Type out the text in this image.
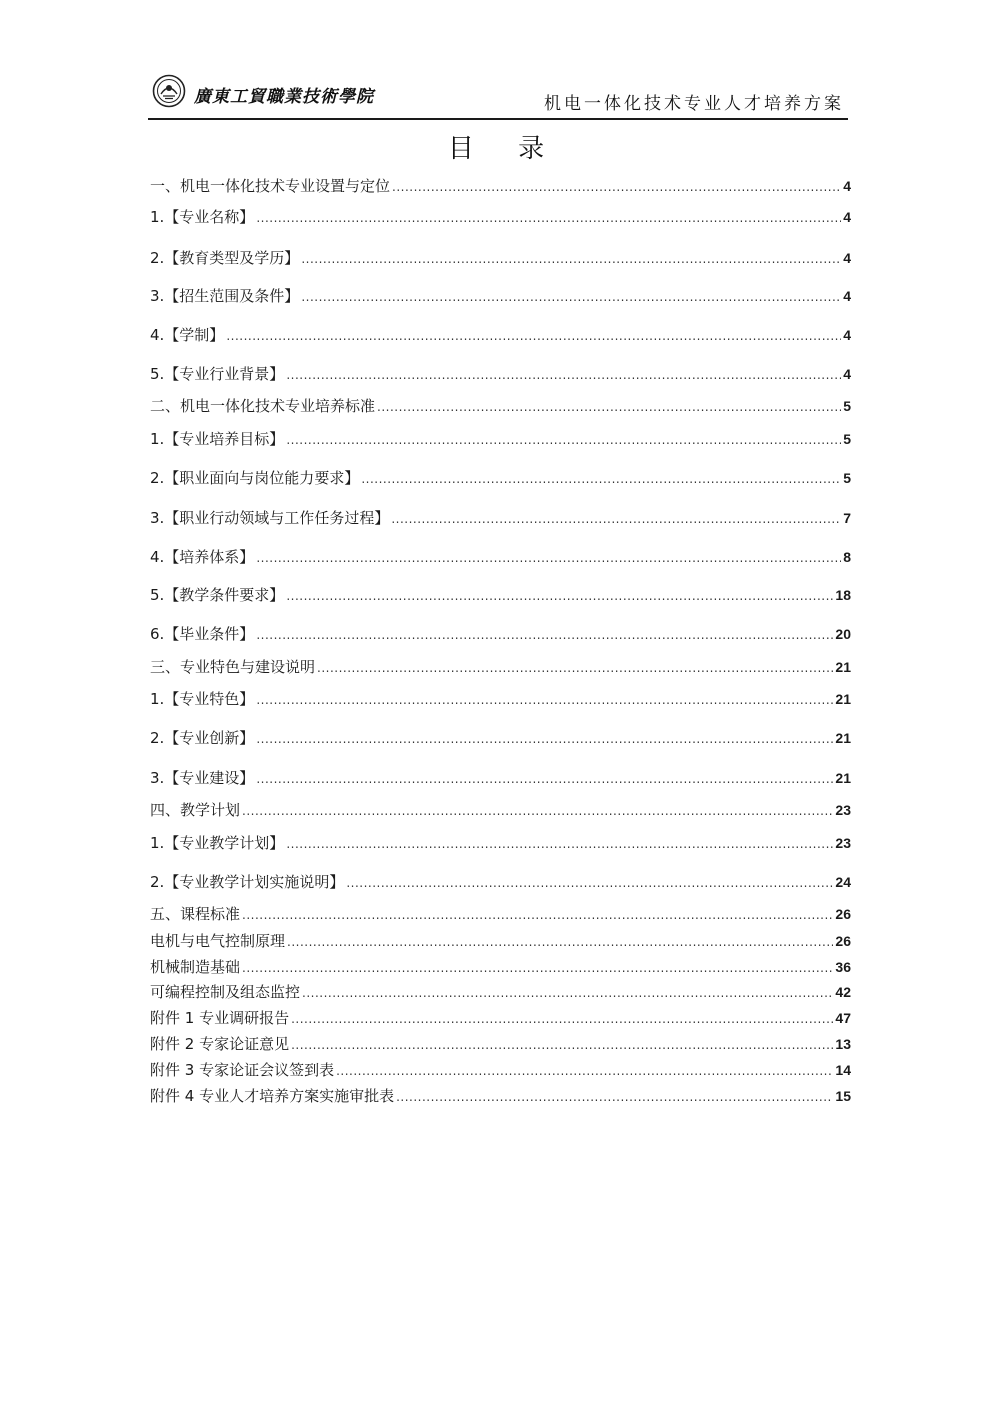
廣東工貿職業技術學院	机电一体化技术专业人才培养方案
目 录
一、机电一体化技术专业设置与定位 .....	4
1.【专业名称】 .....	4
2.【教育类型及学历】 .....	4
3.【招生范围及条件】 .....	4
4.【学制】 .....	4
5.【专业行业背景】 .....	4
二、机电一体化技术专业培养标准 .....	5
1.【专业培养目标】 .....	5
2.【职业面向与岗位能力要求】 .....	5
3.【职业行动领域与工作任务过程】 .....	7
4.【培养体系】 .....	8
5.【教学条件要求】 .....	18
6.【毕业条件】 .....	20
三、专业特色与建设说明 .....	21
1.【专业特色】 .....	21
2.【专业创新】 .....	21
3.【专业建设】 .....	21
四、教学计划 .....	23
1.【专业教学计划】 .....	23
2.【专业教学计划实施说明】 .....	24
五、课程标准 .....	26
电机与电气控制原理 .....	26
机械制造基础 .....	36
可编程控制及组态监控 .....	42
附件 1 专业调研报告 .....	47
附件 2 专家论证意见 .....	13
附件 3 专家论证会议签到表 .....	14
附件 4 专业人才培养方案实施审批表 .....	15
